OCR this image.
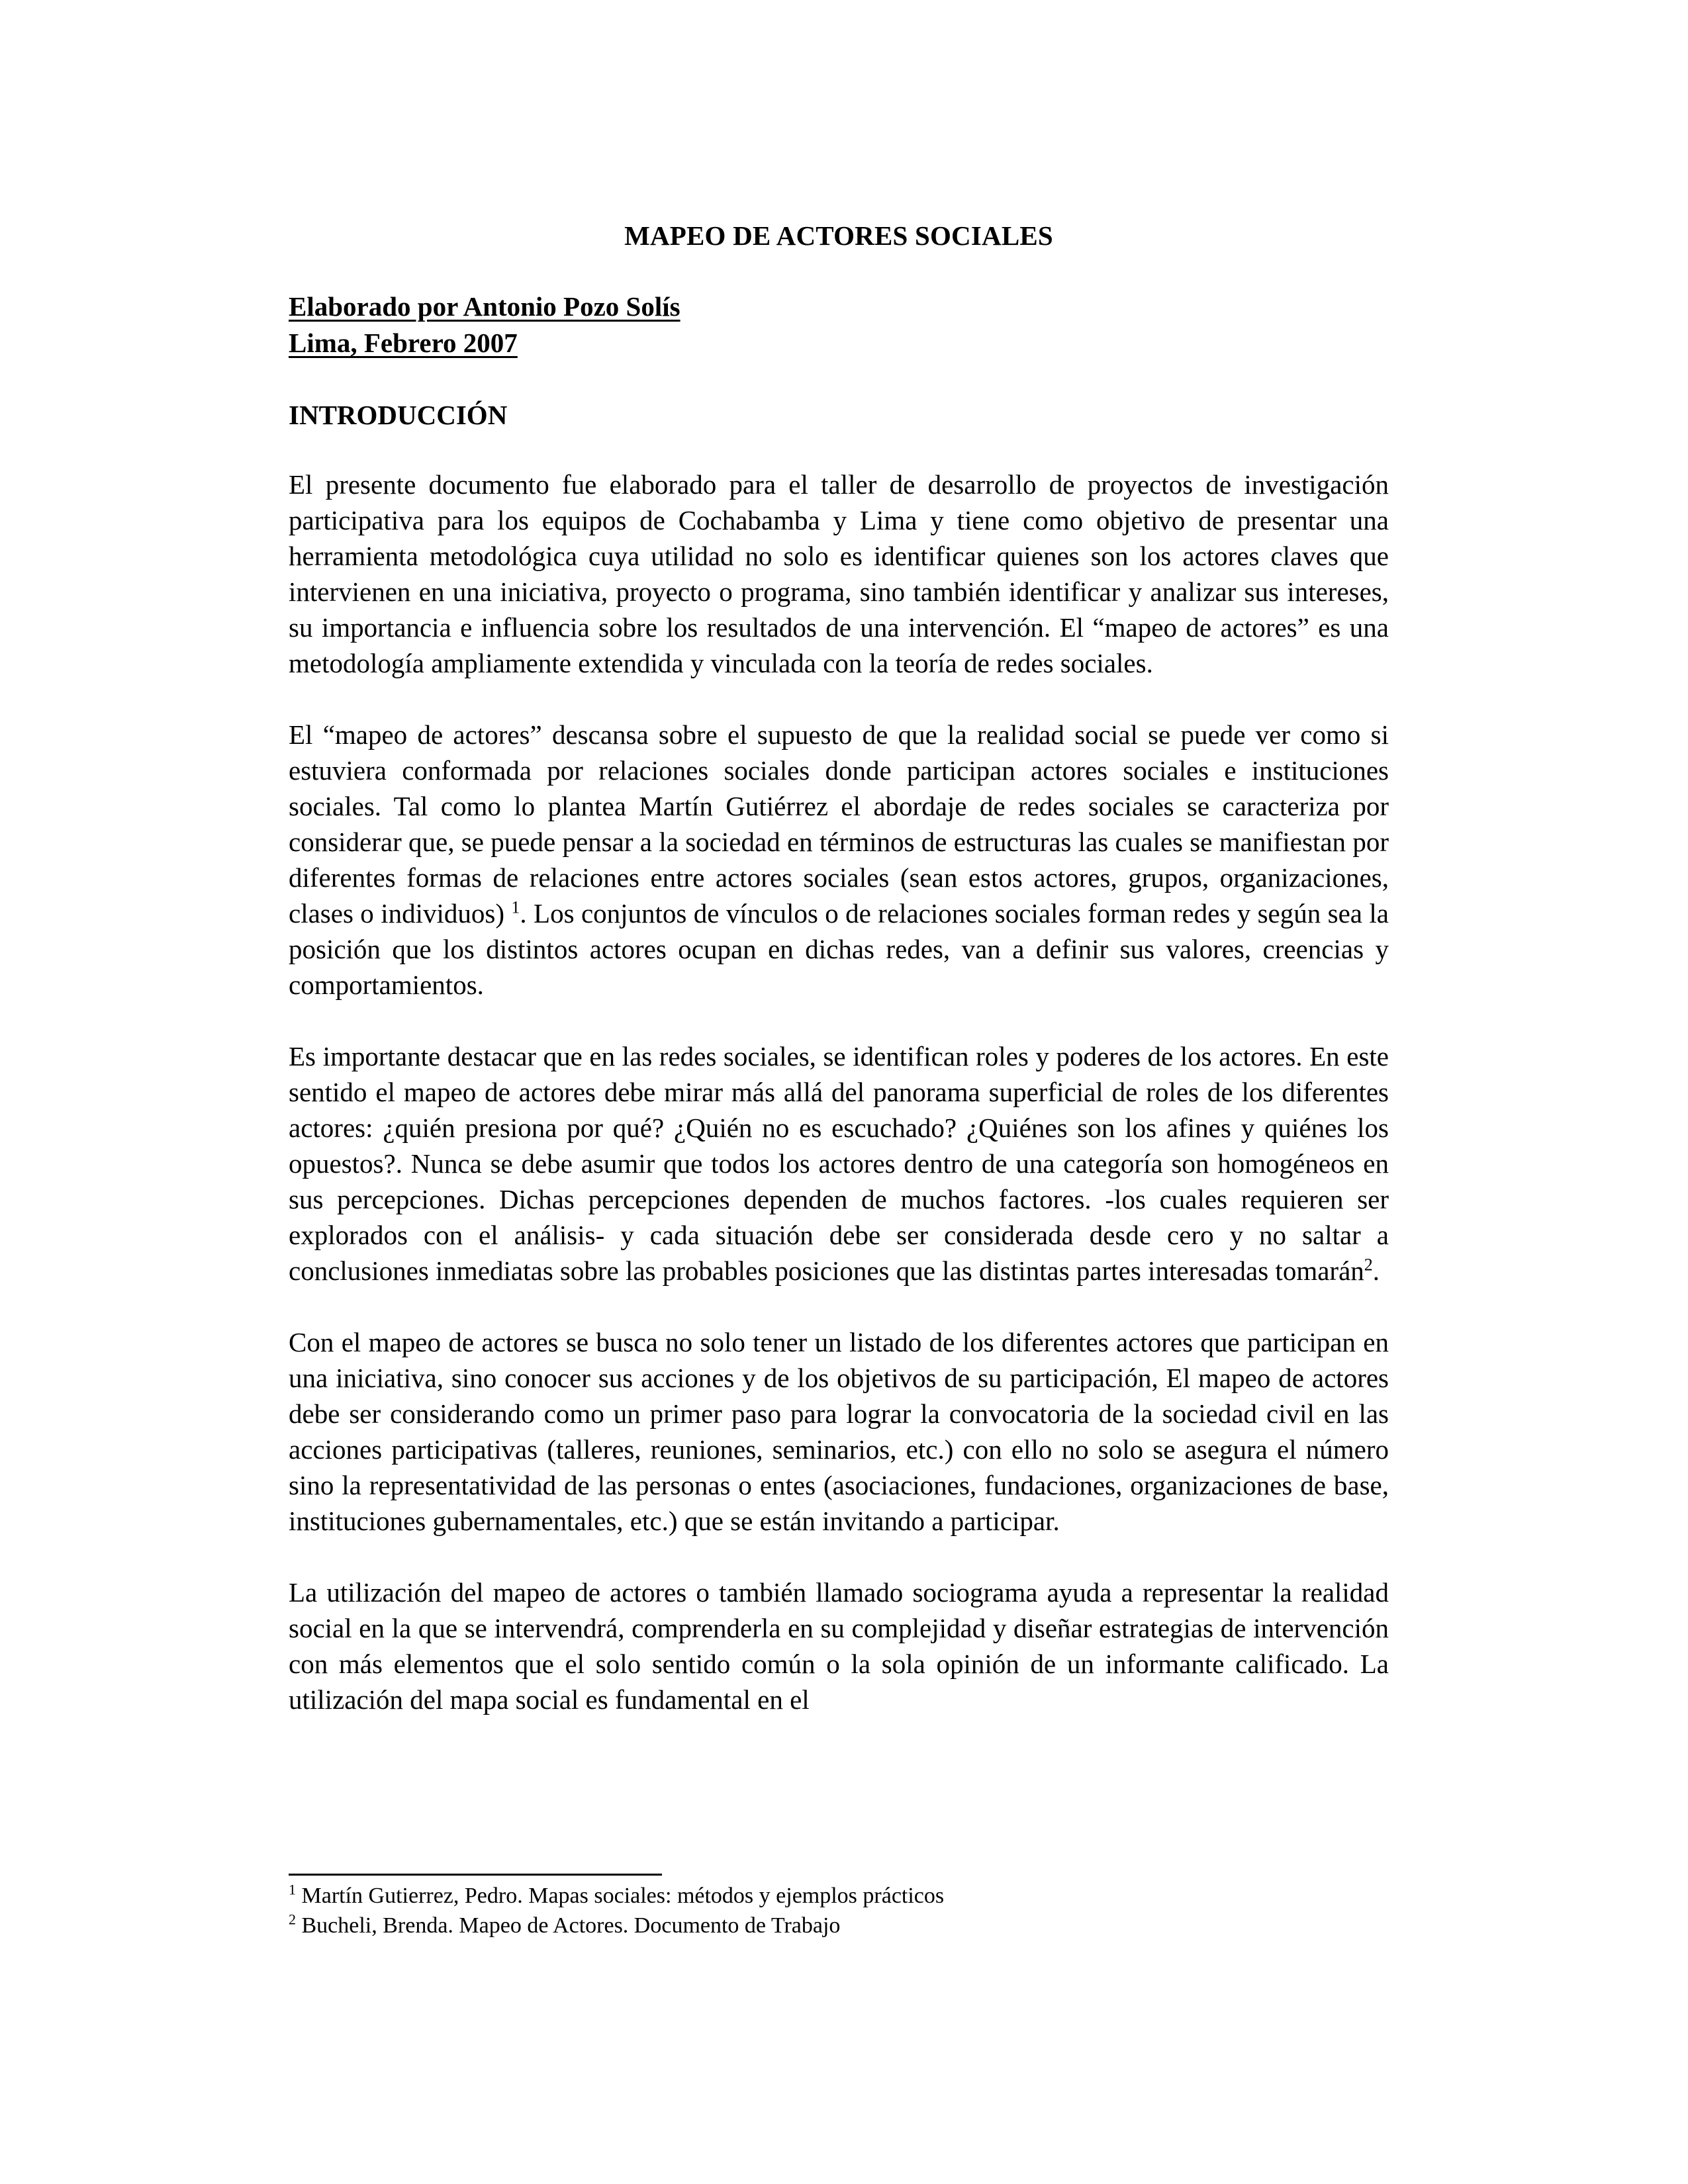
MAPEO DE ACTORES SOCIALES
Elaborado por Antonio Pozo Solís
Lima, Febrero 2007
INTRODUCCIÓN

El presente documento fue elaborado para el taller de desarrollo de proyectos de investigación participativa para los equipos de Cochabamba y Lima y tiene como objetivo de presentar una herramienta metodológica cuya utilidad no solo es identificar quienes son los actores claves que intervienen en una iniciativa, proyecto o programa, sino también identificar y analizar sus intereses, su importancia e influencia sobre los resultados de una intervención. El “mapeo de actores” es una metodología ampliamente extendida y vinculada con la teoría de redes sociales.

El “mapeo de actores” descansa sobre el supuesto de que la realidad social se puede ver como si estuviera conformada por relaciones sociales donde participan actores sociales e instituciones sociales. Tal como lo plantea Martín Gutiérrez el abordaje de redes sociales se caracteriza por considerar que, se puede pensar a la sociedad en términos de estructuras las cuales se manifiestan por diferentes formas de relaciones entre actores sociales (sean estos actores, grupos, organizaciones, clases o individuos) $^1$. Los conjuntos de vínculos o de relaciones sociales forman redes y según sea la posición que los distintos actores ocupan en dichas redes, van a definir sus valores, creencias y comportamientos.

Es importante destacar que en las redes sociales, se identifican roles y poderes de los actores. En este sentido el mapeo de actores debe mirar más allá del panorama superficial de roles de los diferentes actores: ¿quién presiona por qué? ¿Quién no es escuchado? ¿Quiénes son los afines y quiénes los opuestos?. Nunca se debe asumir que todos los actores dentro de una categoría son homogéneos en sus percepciones. Dichas percepciones dependen de muchos factores. -los cuales requieren ser explorados con el análisis- y cada situación debe ser considerada desde cero y no saltar a conclusiones inmediatas sobre las probables posiciones que las distintas partes interesadas tomarán$^2$.

Con el mapeo de actores se busca no solo tener un listado de los diferentes actores que participan en una iniciativa, sino conocer sus acciones y de los objetivos de su participación, El mapeo de actores debe ser considerando como un primer paso para lograr la convocatoria de la sociedad civil en las acciones participativas (talleres, reuniones, seminarios, etc.) con ello no solo se asegura el número sino la representatividad de las personas o entes (asociaciones, fundaciones, organizaciones de base, instituciones gubernamentales, etc.) que se están invitando a participar.

La utilización del mapeo de actores o también llamado sociograma ayuda a representar la realidad social en la que se intervendrá, comprenderla en su complejidad y diseñar estrategias de intervención con más elementos que el solo sentido común o la sola opinión de un informante calificado. La utilización del mapa social es fundamental en el

$^1$ Martín Gutierrez, Pedro. Mapas sociales: métodos y ejemplos prácticos
$^2$ Bucheli, Brenda. Mapeo de Actores. Documento de Trabajo
